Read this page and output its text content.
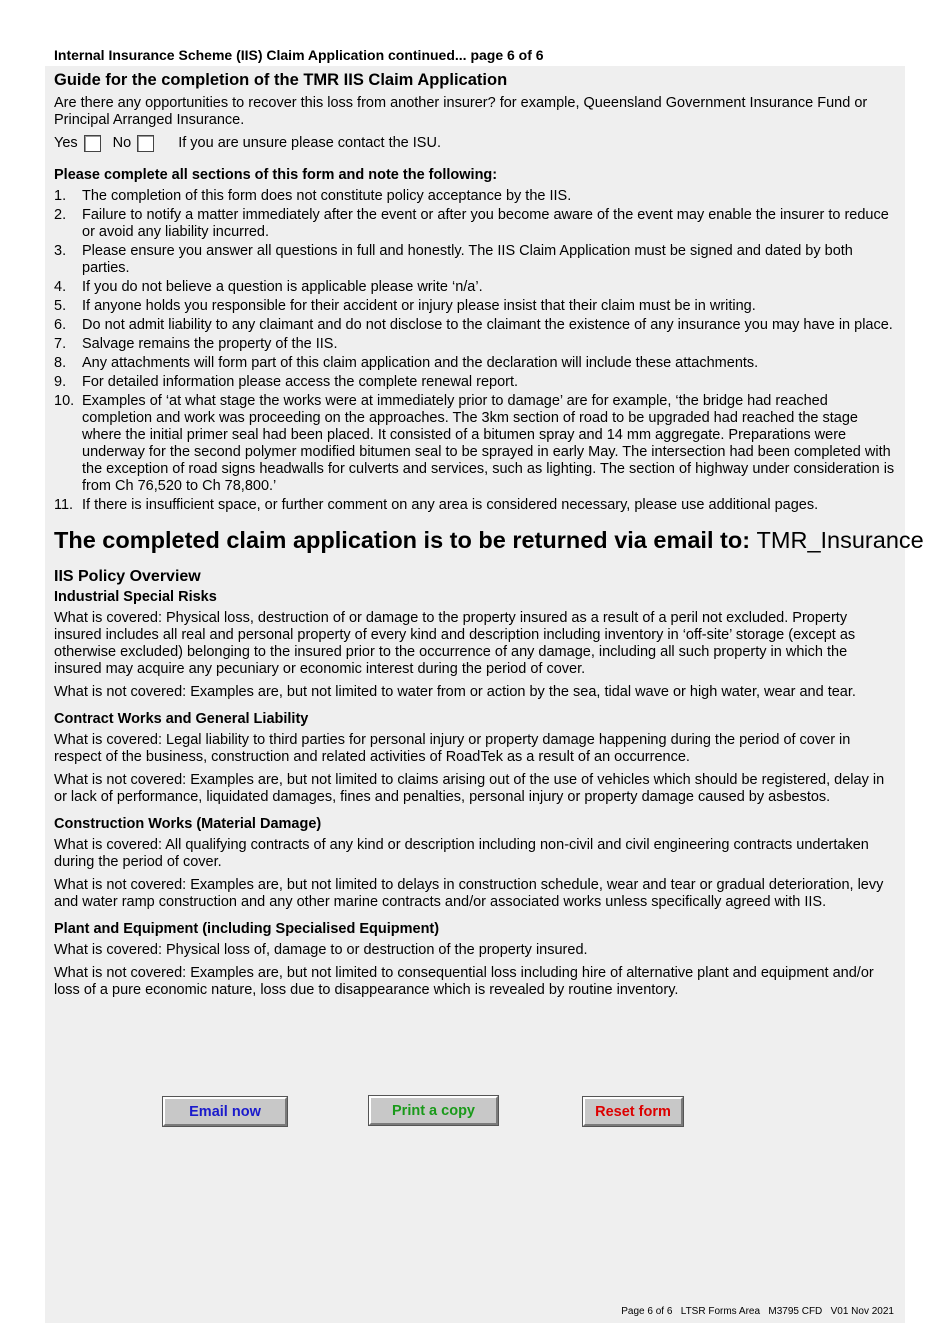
Internal Insurance Scheme (IIS) Claim Application continued... page 6 of 6
Guide for the completion of the TMR IIS Claim Application

Are there any opportunities to recover this loss from another insurer? for example, Queensland Government Insurance Fund or Principal Arranged Insurance.

Yes No	If you are unsure please contact the ISU.
Please complete all sections of this form and note the following:
1.	The completion of this form does not constitute policy acceptance by the IIS.
2.	Failure to notify a matter immediately after the event or after you become aware of the event may enable the insurer to reduce or avoid any liability incurred.
3.	Please ensure you answer all questions in full and honestly. The IIS Claim Application must be signed and dated by both parties.
4.	If you do not believe a question is applicable please write ‘n/a’.
5.	If anyone holds you responsible for their accident or injury please insist that their claim must be in writing.
6.	Do not admit liability to any claimant and do not disclose to the claimant the existence of any insurance you may have in place.
7.	Salvage remains the property of the IIS.
8.	Any attachments will form part of this claim application and the declaration will include these attachments.
9.	For detailed information please access the complete renewal report.
10. Examples of ‘at what stage the works were at immediately prior to damage’ are for example, ‘the bridge had reached completion and work was proceeding on the approaches. The 3km section of road to be upgraded had reached the stage where the initial primer seal had been placed. It consisted of a bitumen spray and 14 mm aggregate. Preparations were underway for the second polymer modified bitumen seal to be sprayed in early May. The intersection had been completed with the exception of road signs headwalls for culverts and services, such as lighting. The section of highway under consideration is from Ch 76,520 to Ch 78,800.’
11. If there is insufficient space, or further comment on any area is considered necessary, please use additional pages.
The completed claim application is to be returned via email to: TMR_Insurance
IIS Policy Overview
Industrial Special Risks

What is covered: Physical loss, destruction of or damage to the property insured as a result of a peril not excluded. Property insured includes all real and personal property of every kind and description including inventory in ‘off-site’ storage (except as otherwise excluded) belonging to the insured prior to the occurrence of any damage, including all such property in which the insured may acquire any pecuniary or economic interest during the period of cover.

What is not covered: Examples are, but not limited to water from or action by the sea, tidal wave or high water, wear and tear.

Contract Works and General Liability

What is covered: Legal liability to third parties for personal injury or property damage happening during the period of cover in respect of the business, construction and related activities of RoadTek as a result of an occurrence.

What is not covered: Examples are, but not limited to claims arising out of the use of vehicles which should be registered, delay in or lack of performance, liquidated damages, fines and penalties, personal injury or property damage caused by asbestos.

Construction Works (Material Damage)

What is covered: All qualifying contracts of any kind or description including non-civil and civil engineering contracts undertaken during the period of cover.

What is not covered: Examples are, but not limited to delays in construction schedule, wear and tear or gradual deterioration, levy and water ramp construction and any other marine contracts and/or associated works unless specifically agreed with IIS.

Plant and Equipment (including Specialised Equipment)

What is covered: Physical loss of, damage to or destruction of the property insured.

What is not covered: Examples are, but not limited to consequential loss including hire of alternative plant and equipment and/or loss of a pure economic nature, loss due to disappearance which is revealed by routine inventory.

Email now	Print a copy	Reset form
Page 6 of 6   LTSR Forms Area   M3795 CFD   V01 Nov 2021
